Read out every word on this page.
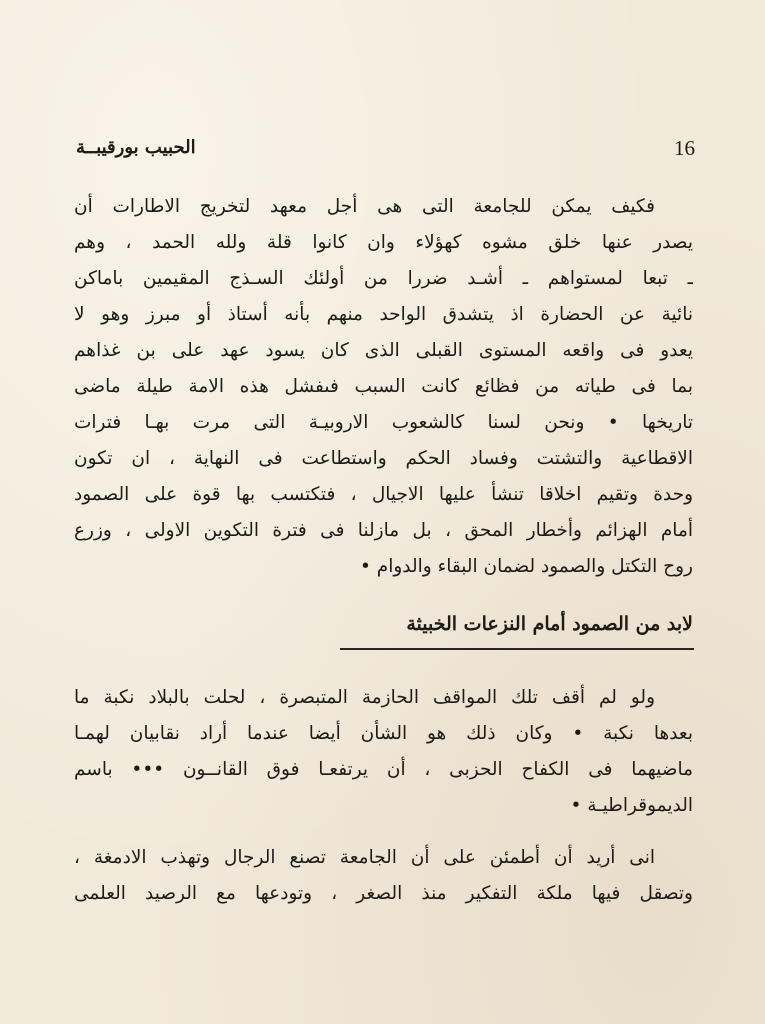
16
الحبيب بورقيبــة
فكيف يمكن للجامعة التى هى أجل معهد لتخريج الاطارات أن
يصدر عنها خلق مشوه كهؤلاء وان كانوا قلة ولله الحمد ، وهم
ـ تبعا لمستواهم ـ أشـد ضررا من أولئك السـذج المقيمين باماكن
نائية عن الحضارة اذ يتشدق الواحد منهم بأنه أستاذ أو مبرز وهو لا
يعدو فى واقعه المستوى القبلى الذى كان يسود عهد على بن غذاهم
بما فى طياته من فظائع كانت السبب فىفشل هذه الامة طيلة ماضى
تاريخها • ونحن لسنا كالشعوب الاروبيـة التى مرت بهـا فترات
الاقطاعية والتشتت وفساد الحكم واستطاعت فى النهاية ، ان تكون
وحدة وتقيم اخلاقا تنشأ عليها الاجيال ، فتكتسب بها قوة على الصمود
أمام الهزائم وأخطار المحق ، بل مازلنا فى فترة التكوين الاولى ، وزرع
روح التكتل والصمود لضمان البقاء والدوام •
لابد من الصمود أمام النزعات الخبيثة
ولو لم أقف تلك المواقف الحازمة المتبصرة ، لحلت بالبلاد نكبة ما
بعدها نكبة • وكان ذلك هو الشأن أيضا عندما أراد نقابيان لهمـا
ماضيهما فى الكفاح الحزبى ، أن يرتفعـا فوق القانــون ••• باسم
الديموقراطيـة •
انى أريد أن أطمئن على أن الجامعة تصنع الرجال وتهذب الادمغة ،
وتصقل فيها ملكة التفكير منذ الصغر ، وتودعها مع الرصيد العلمى
